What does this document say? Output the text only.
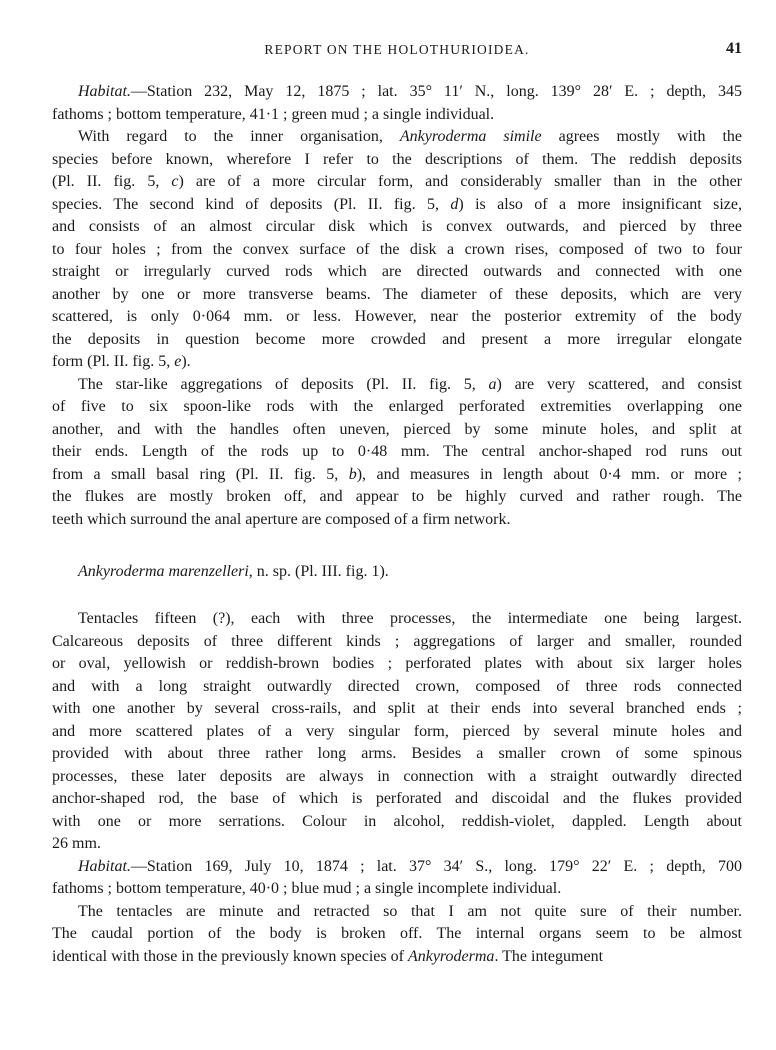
REPORT ON THE HOLOTHURIOIDEA.	41
Habitat.—Station 232, May 12, 1875 ; lat. 35° 11′ N., long. 139° 28′ E. ; depth, 345
fathoms ; bottom temperature, 41·1 ; green mud ; a single individual.
With regard to the inner organisation, Ankyroderma simile agrees mostly with the
species before known, wherefore I refer to the descriptions of them. The reddish deposits
(Pl. II. fig. 5, c) are of a more circular form, and considerably smaller than in the other
species. The second kind of deposits (Pl. II. fig. 5, d) is also of a more insignificant size,
and consists of an almost circular disk which is convex outwards, and pierced by three
to four holes ; from the convex surface of the disk a crown rises, composed of two to four
straight or irregularly curved rods which are directed outwards and connected with one
another by one or more transverse beams. The diameter of these deposits, which are very
scattered, is only 0·064 mm. or less. However, near the posterior extremity of the body
the deposits in question become more crowded and present a more irregular elongate
form (Pl. II. fig. 5, e).
The star-like aggregations of deposits (Pl. II. fig. 5, a) are very scattered, and consist
of five to six spoon-like rods with the enlarged perforated extremities overlapping one
another, and with the handles often uneven, pierced by some minute holes, and split at
their ends. Length of the rods up to 0·48 mm. The central anchor-shaped rod runs out
from a small basal ring (Pl. II. fig. 5, b), and measures in length about 0·4 mm. or more ;
the flukes are mostly broken off, and appear to be highly curved and rather rough. The
teeth which surround the anal aperture are composed of a firm network.
Ankyroderma marenzelleri, n. sp. (Pl. III. fig. 1).
Tentacles fifteen (?), each with three processes, the intermediate one being largest.
Calcareous deposits of three different kinds ; aggregations of larger and smaller, rounded
or oval, yellowish or reddish-brown bodies ; perforated plates with about six larger holes
and with a long straight outwardly directed crown, composed of three rods connected
with one another by several cross-rails, and split at their ends into several branched ends ;
and more scattered plates of a very singular form, pierced by several minute holes and
provided with about three rather long arms. Besides a smaller crown of some spinous
processes, these later deposits are always in connection with a straight outwardly directed
anchor-shaped rod, the base of which is perforated and discoidal and the flukes provided
with one or more serrations. Colour in alcohol, reddish-violet, dappled. Length about
26 mm.
Habitat.—Station 169, July 10, 1874 ; lat. 37° 34′ S., long. 179° 22′ E. ; depth, 700
fathoms ; bottom temperature, 40·0 ; blue mud ; a single incomplete individual.
The tentacles are minute and retracted so that I am not quite sure of their number.
The caudal portion of the body is broken off. The internal organs seem to be almost
identical with those in the previously known species of Ankyroderma. The integument
